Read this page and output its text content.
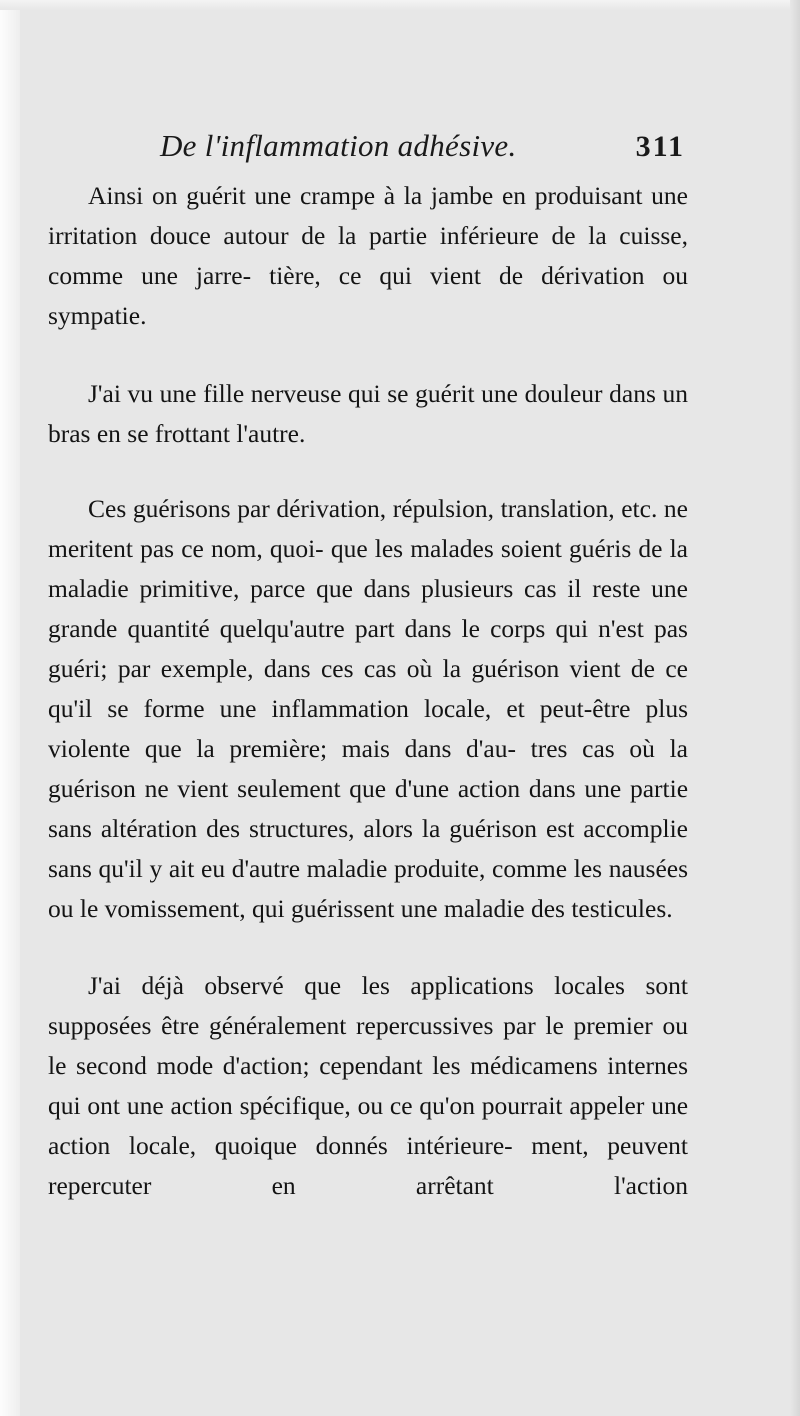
De l'inflammation adhésive.	311

Ainsi on guérit une crampe à la jambe en produisant une irritation douce autour de la partie inférieure de la cuisse, comme une jarre- tière, ce qui vient de dérivation ou sympatie.

J'ai vu une fille nerveuse qui se guérit une douleur dans un bras en se frottant l'autre.

Ces guérisons par dérivation, répulsion, translation, etc. ne meritent pas ce nom, quoi- que les malades soient guéris de la maladie primitive, parce que dans plusieurs cas il reste une grande quantité quelqu'autre part dans le corps qui n'est pas guéri; par exemple, dans ces cas où la guérison vient de ce qu'il se forme une inflammation locale, et peut-être plus violente que la première; mais dans d'au- tres cas où la guérison ne vient seulement que d'une action dans une partie sans altération des structures, alors la guérison est accomplie sans qu'il y ait eu d'autre maladie produite, comme les nausées ou le vomissement, qui guérissent une maladie des testicules.

J'ai déjà observé que les applications locales sont supposées être généralement repercussives par le premier ou le second mode d'action; cependant les médicamens internes qui ont une action spécifique, ou ce qu'on pourrait appeler une action locale, quoique donnés intérieure- ment, peuvent repercuter en arrêtant l'action
